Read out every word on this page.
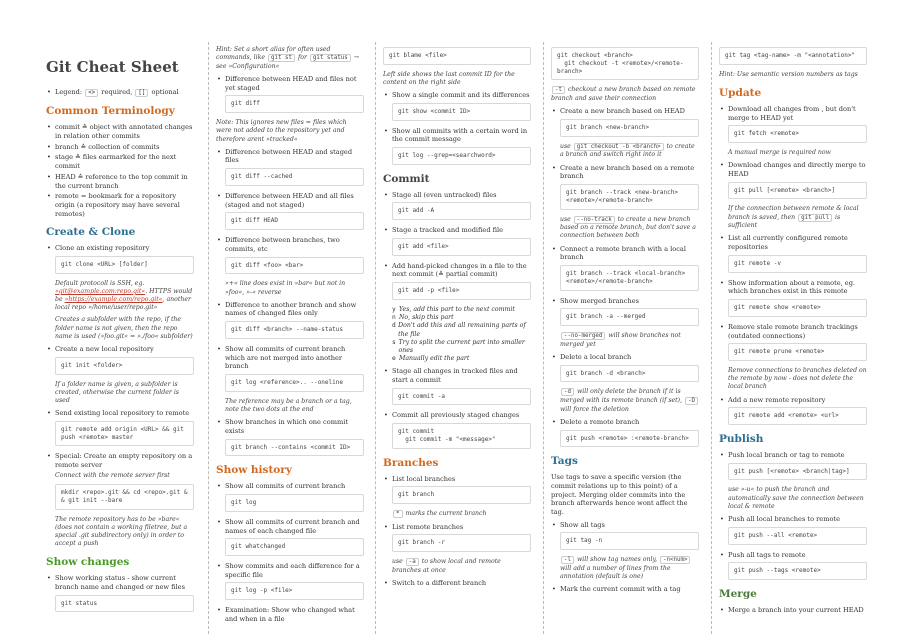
Git Cheat Sheet
• Legend: <> required, [] optional
Common Terminology
• commit ≙ object with annotated changes in relation other commits
• branch ≙ collection of commits
• stage ≙ files earmarked for the next commit
• HEAD ≙ reference to the top commit in the current branch
• remote = bookmark for a repository origin (a repository may have several remotes)
Create & Clone
• Clone an existing repository
git clone <URL> [folder]
Default protocoll is SSH, eg. »git@example.com:repo.git«. HTTPS would be »https://example.com/repo.git«, another local repo »/home/user/repo.git«
Creates a subfolder with the repo, if the folder name is not given, then the repo name is used (»foo.git« = »./foo« subfolder)
• Create a new local repository
git init <folder>
If a folder name is given, a subfolder is created, otherwise the current folder is used
• Send existing local repository to remote
git remote add origin <URL> && git push <remote> master
• Special: Create an empty repository on a remote server
Connect with the remote server first
mkdir <repo>.git && cd <repo>.git &
& git init --bare
The remote repository has to be »bare« (does not contain a working filetree, but a special .git subdirectory only) in order to accept a push
Show changes
• Show working status - show current branch name and changed or new files
git status
Hint: Set a short alias for often used commands, like git st for git status → see »Configuration«
• Difference between HEAD and files not yet staged
git diff
Note: This ignores new files = files which were not added to the repository yet and therefore arent »tracked«
• Difference between HEAD and staged files
git diff --cached
• Difference between HEAD and all files (staged and not staged)
git diff HEAD
• Difference between branches, two commits, etc
git diff <foo> <bar>
»+« line does exist in »bar« but not in »foo«, »-« reverse
• Difference to another branch and show names of changed files only
git diff <branch> --name-status
• Show all commits of current branch which are not merged into another branch
git log <reference>.. --oneline
The reference may be a branch or a tag, note the two dots at the end
• Show branches in which one commit exists
git branch --contains <commit ID>
Show history
• Show all commits of current branch
git log
• Show all commits of current branch and names of each changed file
git whatchanged
• Show commits and each difference for a specific file
git log -p <file>
• Examination: Show who changed what and when in a file
git blame <file>
Left side shows the last commit ID for the content on the right side
• Show a single commit and its differences
git show <commit ID>
• Show all commits with a certain word in the commit message
git log --grep=<searchword>
Commit
• Stage all (even untracked) files
git add -A
• Stage a tracked and modified file
git add <file>
• Add hand-picked changes in a file to the next commit (≙ partial commit)
git add -p <file>
y Yes, add this part to the next commit
n No, skip this part
d Don't add this and all remaining parts of the file
s Try to split the current part into smaller ones
e Manually edit the part
• Stage all changes in tracked files and start a commit
git commit -a
• Commit all previously staged changes
git commit
git commit -m "<message>"
Branches
• List local branches
git branch
* marks the current branch
• List remote branches
git branch -r
use -a to show local and remote branches at once
• Switch to a different branch
git checkout <branch>
git checkout -t <remote>/<remote-branch>
-t checkout a new branch based on remote branch and save their connection
• Create a new branch based on HEAD
git branch <new-branch>
use git checkout -b <branch> to create a branch and switch right into it
• Create a new branch based on a remote branch
git branch --track <new-branch> <remote>/<remote-branch>
use --no-track to create a new branch based on a remote branch, but don't save a connection between both
• Connect a remote branch with a local branch
git branch --track <local-branch> <remote>/<remote-branch>
• Show merged branches
git branch -a --merged
--no-merged will show branches not merged yet
• Delete a local branch
git branch -d <branch>
-d will only delete the branch if it is merged with its remote branch (if set), -D will force the deletion
• Delete a remote branch
git push <remote> :<remote-branch>
Tags
Use tags to save a specific version (the commit relations up to this point) of a project. Merging older commits into the branch afterwards hence wont affect the tag.
• Show all tags
git tag -n
-l will show tag names only, -n<num> will add a number of lines from the annotation (default is one)
• Mark the current commit with a tag
git tag <tag-name> -m "<annotation>"
Hint: Use semantic version numbers as tags
Update
• Download all changes from , but don't merge to HEAD yet
git fetch <remote>
A manual merge is required now
• Download changes and directly merge to HEAD
git pull [<remote> <branch>]
If the connection between remote & local branch is saved, then git pull is sufficient
• List all currently configured remote repositories
git remote -v
• Show information about a remote, eg. which branches exist in this remote
git remote show <remote>
• Remove stale remote branch trackings (outdated connections)
git remote prune <remote>
Remove connections to branches deleted on the remote by now - does not delete the local branch
• Add a new remote repository
git remote add <remote> <url>
Publish
• Push local branch or tag to remote
git push [<remote> <branch|tag>]
use »-u« to push the branch and automatically save the connection between local & remote
• Push all local branches to remote
git push --all <remote>
• Push all tags to remote
git push --tags <remote>
Merge
• Merge a branch into your current HEAD
